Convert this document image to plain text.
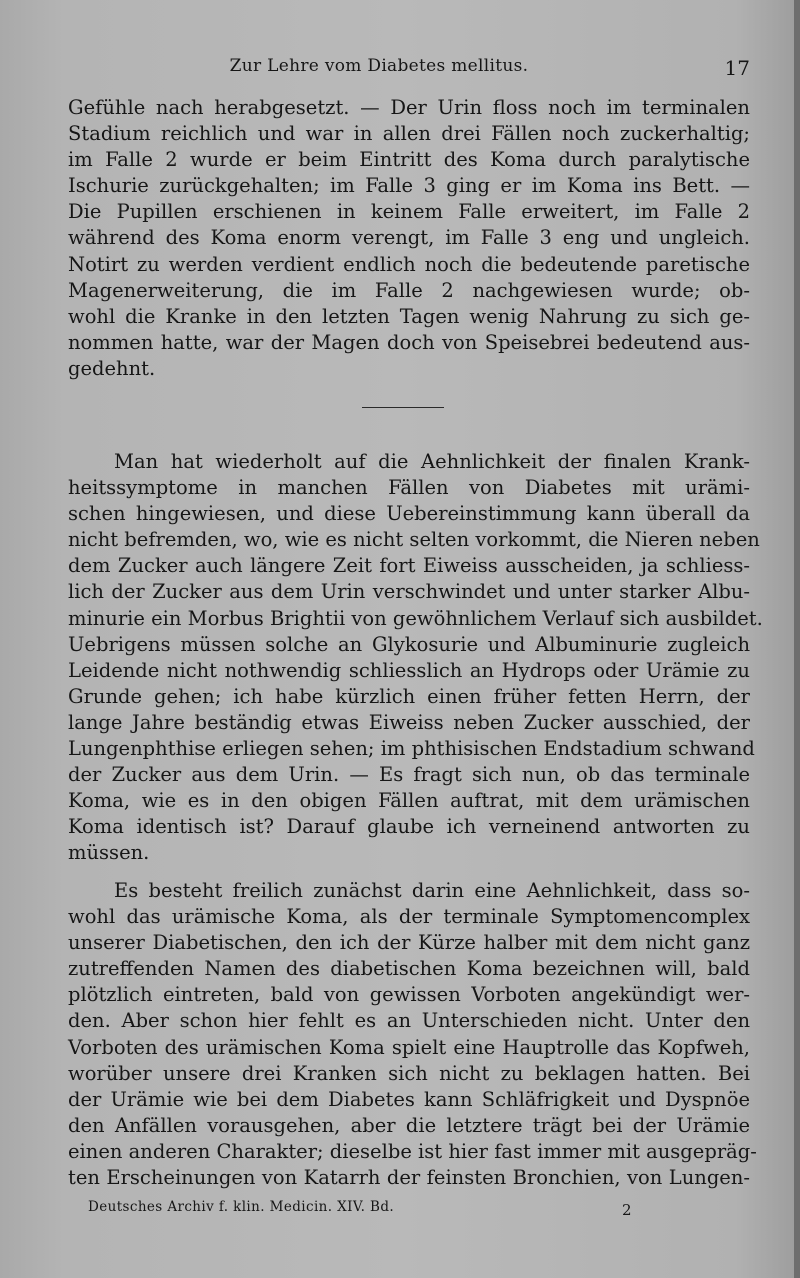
Zur Lehre vom Diabetes mellitus.	17
Gefühle nach herabgesetzt. — Der Urin floss noch im terminalen
Stadium reichlich und war in allen drei Fällen noch zuckerhaltig;
im Falle 2 wurde er beim Eintritt des Koma durch paralytische
Ischurie zurückgehalten; im Falle 3 ging er im Koma ins Bett. —
Die Pupillen erschienen in keinem Falle erweitert, im Falle 2
während des Koma enorm verengt, im Falle 3 eng und ungleich.
Notirt zu werden verdient endlich noch die bedeutende paretische
Magenerweiterung, die im Falle 2 nachgewiesen wurde; ob-
wohl die Kranke in den letzten Tagen wenig Nahrung zu sich ge-
nommen hatte, war der Magen doch von Speisebrei bedeutend aus-
gedehnt.
Man hat wiederholt auf die Aehnlichkeit der finalen Krank-
heitssymptome in manchen Fällen von Diabetes mit urämi-
schen hingewiesen, und diese Uebereinstimmung kann überall da
nicht befremden, wo, wie es nicht selten vorkommt, die Nieren neben
dem Zucker auch längere Zeit fort Eiweiss ausscheiden, ja schliess-
lich der Zucker aus dem Urin verschwindet und unter starker Albu-
minurie ein Morbus Brightii von gewöhnlichem Verlauf sich ausbildet.
Uebrigens müssen solche an Glykosurie und Albuminurie zugleich
Leidende nicht nothwendig schliesslich an Hydrops oder Urämie zu
Grunde gehen; ich habe kürzlich einen früher fetten Herrn, der
lange Jahre beständig etwas Eiweiss neben Zucker ausschied, der
Lungenphthise erliegen sehen; im phthisischen Endstadium schwand
der Zucker aus dem Urin. — Es fragt sich nun, ob das terminale
Koma, wie es in den obigen Fällen auftrat, mit dem urämischen
Koma identisch ist? Darauf glaube ich verneinend antworten zu
müssen.
Es besteht freilich zunächst darin eine Aehnlichkeit, dass so-
wohl das urämische Koma, als der terminale Symptomencomplex
unserer Diabetischen, den ich der Kürze halber mit dem nicht ganz
zutreffenden Namen des diabetischen Koma bezeichnen will, bald
plötzlich eintreten, bald von gewissen Vorboten angekündigt wer-
den. Aber schon hier fehlt es an Unterschieden nicht. Unter den
Vorboten des urämischen Koma spielt eine Hauptrolle das Kopfweh,
worüber unsere drei Kranken sich nicht zu beklagen hatten. Bei
der Urämie wie bei dem Diabetes kann Schläfrigkeit und Dyspnöe
den Anfällen vorausgehen, aber die letztere trägt bei der Urämie
einen anderen Charakter; dieselbe ist hier fast immer mit ausgepräg-
ten Erscheinungen von Katarrh der feinsten Bronchien, von Lungen-
Deutsches Archiv f. klin. Medicin. XIV. Bd.	2
